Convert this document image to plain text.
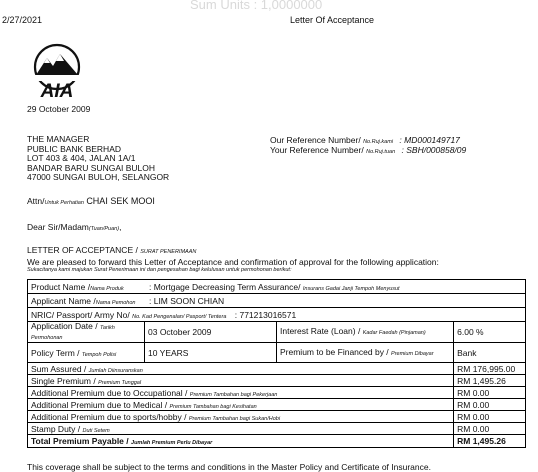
Sum Units : 1,0000000
2/27/2021	Letter Of Acceptance
AIA
29 October 2009
THE MANAGER
PUBLIC BANK BERHAD
LOT 403 & 404, JALAN 1A/1
BANDAR BARU SUNGAI BULOH
47000 SUNGAI BULOH, SELANGOR
Our Reference Number/ No.Ruj.kami : MD000149717
Your Reference Number/ No.Ruj.tuan : SBH/000858/09
Attn/Untuk Perhatian CHAI SEK MOOI
Dear Sir/Madam(Tuan/Puan),
LETTER OF ACCEPTANCE / SURAT PENERIMAAN
We are pleased to forward this Letter of Acceptance and confirmation of approval for the following application:
Sukacitanya kami majukan Surat Penerimaan ini dan pengesahan bagi kelulusan untuk permohonan berikut:
Product Name /Nama Produk : Mortgage Decreasing Term Assurance/ Insurans Gadai Janji Tempoh Menyusut			
Applicant Name /Nama Pemohon : LIM SOON CHIAN			
NRIC/ Passport/ Army No/ No. Kad Pengenalan/ Pasport/ Tentera : 771213016571			
Application Date / Tarikh Permohonan	03 October 2009	Interest Rate (Loan) / Kadar Faedah (Pinjaman)	6.00 %
Policy Term / Tempoh Polisi	10 YEARS	Premium to be Financed by / Premium Dibayar	Bank
Sum Assured / Jumlah Diinsuranskan			RM 176,995.00
Single Premium / Premium Tunggal			RM 1,495.26
Additional Premium due to Occupational / Premium Tambahan bagi Pekerjaan			RM 0.00
Additional Premium due to Medical / Premium Tambahan bagi Kesihatan			RM 0.00
Additional Premium due to sports/hobby / Premium Tambahan bagi Sukan/Hobi			RM 0.00
Stamp Duty / Duti Setem			RM 0.00
Total Premium Payable / Jumlah Premium Perlu Dibayar			RM 1,495.26
This coverage shall be subject to the terms and conditions in the Master Policy and Certificate of Insurance.
